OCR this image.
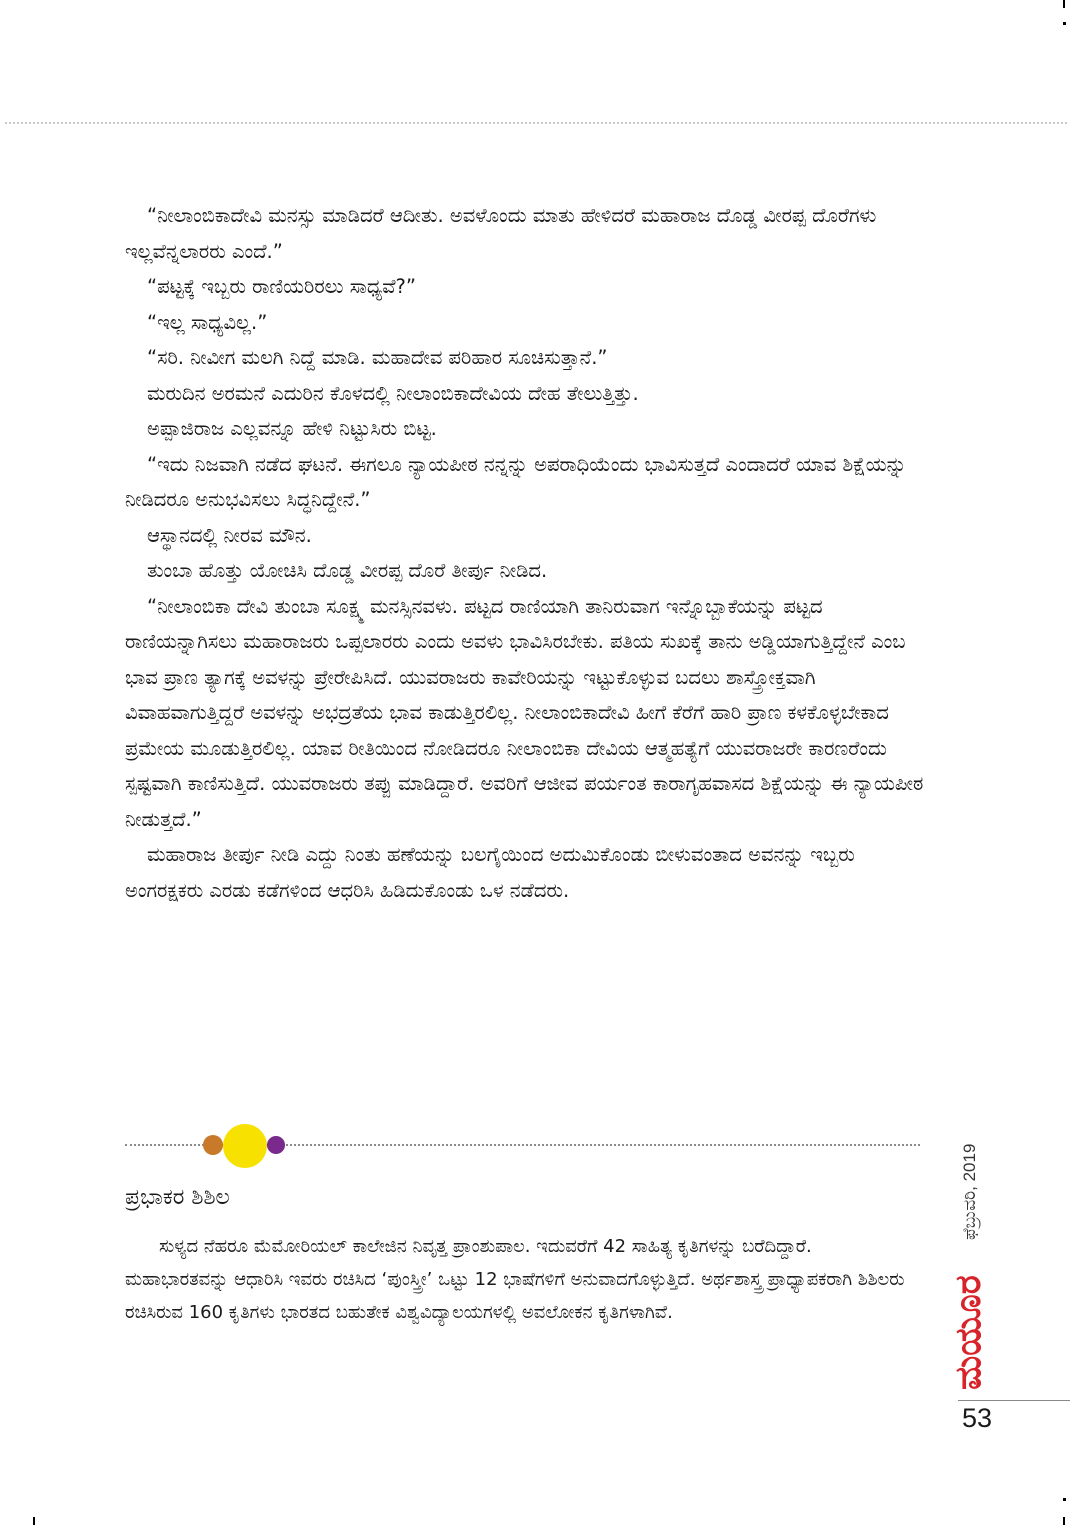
“ನೀಲಾಂಬಿಕಾದೇವಿ ಮನಸ್ಸು ಮಾಡಿದರೆ ಆದೀತು. ಅವಳೊಂದು ಮಾತು ಹೇಳಿದರೆ ಮಹಾರಾಜ ದೊಡ್ಡ ವೀರಪ್ಪ ದೊರೆಗಳು ಇಲ್ಲವೆನ್ನಲಾರರು ಎಂದೆ.”

“ಪಟ್ಟಕ್ಕೆ ಇಬ್ಬರು ರಾಣಿಯರಿರಲು ಸಾಧ್ಯವೆ?”

“ಇಲ್ಲ ಸಾಧ್ಯವಿಲ್ಲ.”

“ಸರಿ. ನೀವೀಗ ಮಲಗಿ ನಿದ್ದೆ ಮಾಡಿ. ಮಹಾದೇವ ಪರಿಹಾರ ಸೂಚಿಸುತ್ತಾನೆ.”

ಮರುದಿನ ಅರಮನೆ ಎದುರಿನ ಕೊಳದಲ್ಲಿ ನೀಲಾಂಬಿಕಾದೇವಿಯ ದೇಹ ತೇಲುತ್ತಿತ್ತು.

ಅಪ್ಪಾಜಿರಾಜ ಎಲ್ಲವನ್ನೂ ಹೇಳಿ ನಿಟ್ಟುಸಿರು ಬಿಟ್ಟ.

“ಇದು ನಿಜವಾಗಿ ನಡೆದ ಘಟನೆ. ಈಗಲೂ ನ್ಯಾಯಪೀಠ ನನ್ನನ್ನು ಅಪರಾಧಿಯೆಂದು ಭಾವಿಸುತ್ತದೆ ಎಂದಾದರೆ ಯಾವ ಶಿಕ್ಷೆಯನ್ನು ನೀಡಿದರೂ ಅನುಭವಿಸಲು ಸಿದ್ಧನಿದ್ದೇನೆ.”

ಆಸ್ಥಾನದಲ್ಲಿ ನೀರವ ಮೌನ.

ತುಂಬಾ ಹೊತ್ತು ಯೋಚಿಸಿ ದೊಡ್ಡ ವೀರಪ್ಪ ದೊರೆ ತೀರ್ಪು ನೀಡಿದ.

“ನೀಲಾಂಬಿಕಾ ದೇವಿ ತುಂಬಾ ಸೂಕ್ಷ್ಮ ಮನಸ್ಸಿನವಳು. ಪಟ್ಟದ ರಾಣಿಯಾಗಿ ತಾನಿರುವಾಗ ಇನ್ನೊಬ್ಬಾಕೆಯನ್ನು ಪಟ್ಟದ ರಾಣಿಯನ್ನಾಗಿಸಲು ಮಹಾರಾಜರು ಒಪ್ಪಲಾರರು ಎಂದು ಅವಳು ಭಾವಿಸಿರಬೇಕು. ಪತಿಯ ಸುಖಕ್ಕೆ ತಾನು ಅಡ್ಡಿಯಾಗುತ್ತಿದ್ದೇನೆ ಎಂಬ ಭಾವ ಪ್ರಾಣ ತ್ಯಾಗಕ್ಕೆ ಅವಳನ್ನು ಪ್ರೇರೇಪಿಸಿದೆ. ಯುವರಾಜರು ಕಾವೇರಿಯನ್ನು ಇಟ್ಟುಕೊಳ್ಳುವ ಬದಲು ಶಾಸ್ತ್ರೋಕ್ತವಾಗಿ ವಿವಾಹವಾಗುತ್ತಿದ್ದರೆ ಅವಳನ್ನು ಅಭದ್ರತೆಯ ಭಾವ ಕಾಡುತ್ತಿರಲಿಲ್ಲ. ನೀಲಾಂಬಿಕಾದೇವಿ ಹೀಗೆ ಕೆರೆಗೆ ಹಾರಿ ಪ್ರಾಣ ಕಳಕೊಳ್ಳಬೇಕಾದ ಪ್ರಮೇಯ ಮೂಡುತ್ತಿರಲಿಲ್ಲ. ಯಾವ ರೀತಿಯಿಂದ ನೋಡಿದರೂ ನೀಲಾಂಬಿಕಾ ದೇವಿಯ ಆತ್ಮಹತ್ಯೆಗೆ ಯುವರಾಜರೇ ಕಾರಣರೆಂದು ಸ್ಪಷ್ಟವಾಗಿ ಕಾಣಿಸುತ್ತಿದೆ. ಯುವರಾಜರು ತಪ್ಪು ಮಾಡಿದ್ದಾರೆ. ಅವರಿಗೆ ಆಜೀವ ಪರ್ಯಂತ ಕಾರಾಗೃಹವಾಸದ ಶಿಕ್ಷೆಯನ್ನು ಈ ನ್ಯಾಯಪೀಠ ನೀಡುತ್ತದೆ.”

ಮಹಾರಾಜ ತೀರ್ಪು ನೀಡಿ ಎದ್ದು ನಿಂತು ಹಣೆಯನ್ನು ಬಲಗೈಯಿಂದ ಅದುಮಿಕೊಂಡು ಬೀಳುವಂತಾದ ಅವನನ್ನು ಇಬ್ಬರು ಅಂಗರಕ್ಷಕರು ಎರಡು ಕಡೆಗಳಿಂದ ಆಧರಿಸಿ ಹಿಡಿದುಕೊಂಡು ಒಳ ನಡೆದರು.

ಪ್ರಭಾಕರ ಶಿಶಿಲ

ಸುಳ್ಯದ ನೆಹರೂ ಮೆಮೋರಿಯಲ್ ಕಾಲೇಜಿನ ನಿವೃತ್ತ ಪ್ರಾಂಶುಪಾಲ. ಇದುವರೆಗೆ 42 ಸಾಹಿತ್ಯ ಕೃತಿಗಳನ್ನು ಬರೆದಿದ್ದಾರೆ. ಮಹಾಭಾರತವನ್ನು ಆಧಾರಿಸಿ ಇವರು ರಚಿಸಿದ ‘ಪುಂಸ್ತ್ರೀ’ ಒಟ್ಟು 12 ಭಾಷೆಗಳಿಗೆ ಅನುವಾದಗೊಳ್ಳುತ್ತಿದೆ. ಅರ್ಥಶಾಸ್ತ್ರ ಪ್ರಾಧ್ಯಾಪಕರಾಗಿ ಶಿಶಿಲರು ರಚಿಸಿರುವ 160 ಕೃತಿಗಳು ಭಾರತದ ಬಹುತೇಕ ವಿಶ್ವವಿದ್ಯಾಲಯಗಳಲ್ಲಿ ಅವಲೋಕನ ಕೃತಿಗಳಾಗಿವೆ.

ಫೆಬ್ರುವರಿ, 2019
ಮಯೂರ
53
